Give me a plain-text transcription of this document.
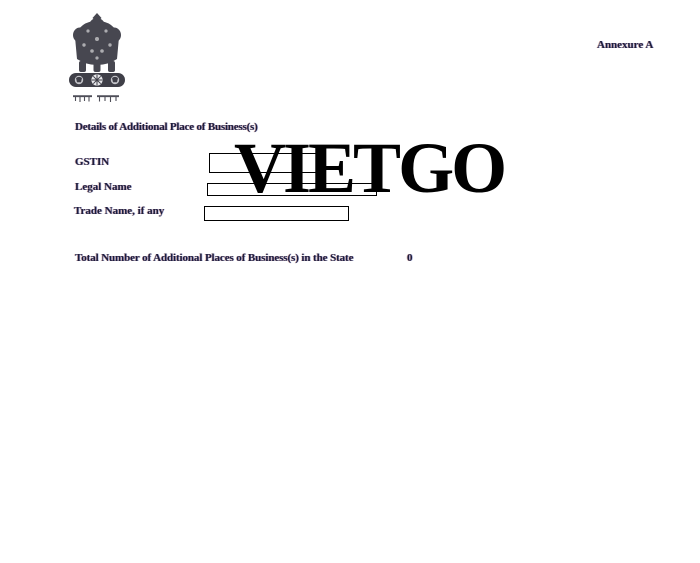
Annexure A
Details of Additional Place of Business(s)
GSTIN
Legal Name
Trade Name, if any
VIETGO
Total Number of Additional Places of Business(s) in the State	0
